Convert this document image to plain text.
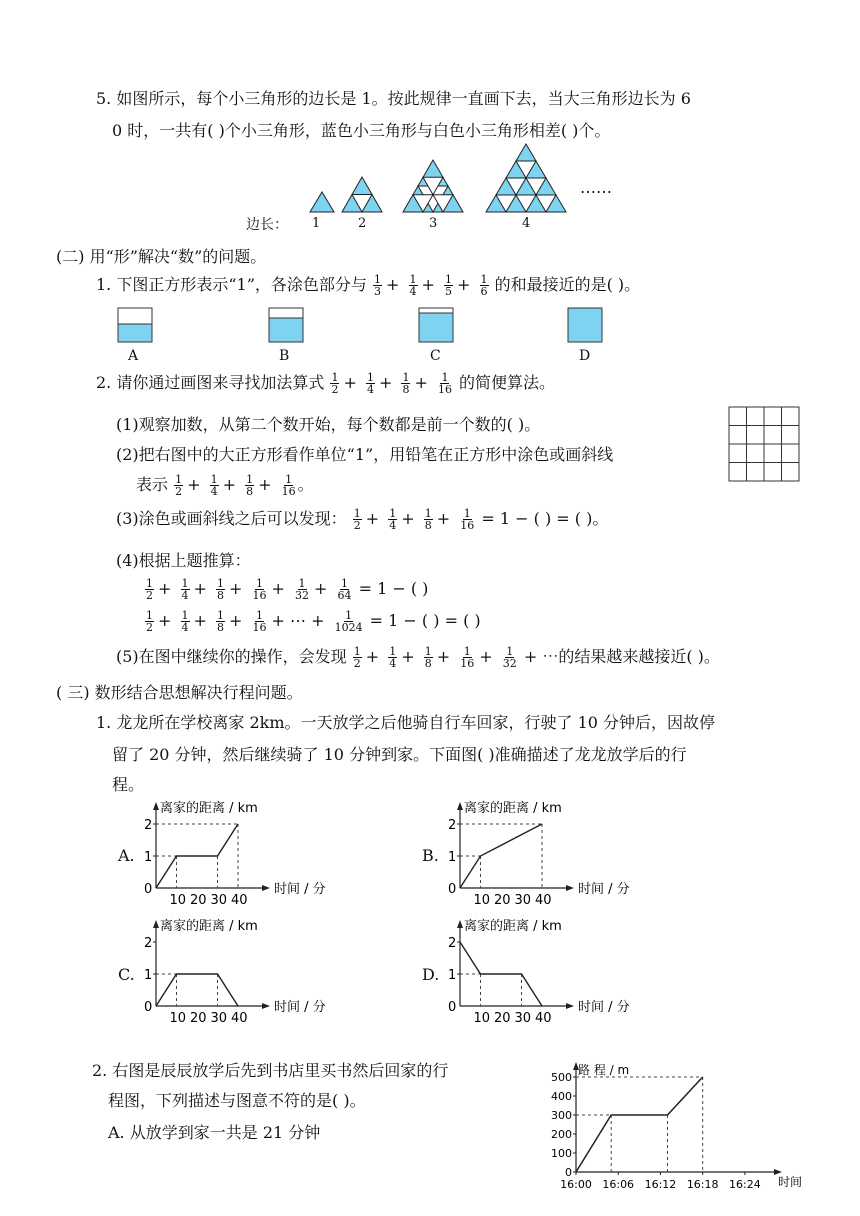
5. 如图所示，每个小三角形的边长是 1。按此规律一直画下去，当大三角形边长为 6
0 时，一共有( )个小三角形，蓝色小三角形与白色小三角形相差( )个。
……
边长： 1	2	3	4
(二) 用“形”解决“数”的问题。
1. 下图正方形表示“1”，各涂色部分与 $\frac{1}{3} + \frac{1}{4} + \frac{1}{5} + \frac{1}{6}$ 的和最接近的是( )。
A	B	C	D
2. 请你通过画图来寻找加法算式 $\frac{1}{2} + \frac{1}{4} + \frac{1}{8} + \frac{1}{16}$ 的简便算法。
(1)观察加数，从第二个数开始，每个数都是前一个数的( )。
(2)把右图中的大正方形看作单位“1”，用铅笔在正方形中涂色或画斜线
表示 $\frac{1}{2} + \frac{1}{4} + \frac{1}{8} + \frac{1}{16}$ 。
(3)涂色或画斜线之后可以发现： $\frac{1}{2} + \frac{1}{4} + \frac{1}{8} + \frac{1}{16} = 1$ − ( ) = ( )。
(4)根据上题推算：
$\frac{1}{2} + \frac{1}{4} + \frac{1}{8} + \frac{1}{16} + \frac{1}{32} + \frac{1}{64} = 1$ − ( )
$\frac{1}{2} + \frac{1}{4} + \frac{1}{8} + \frac{1}{16}$ + ⋯ + $\frac{1}{1024} = 1$ − ( ) = ( )
(5)在图中继续你的操作，会发现 $\frac{1}{2} + \frac{1}{4} + \frac{1}{8} + \frac{1}{16} + \frac{1}{32}$ + ⋯的结果越来越接近( )。
( 三) 数形结合思想解决行程问题。
1. 龙龙所在学校离家 2km。一天放学之后他骑自行车回家，行驶了 10 分钟后，因故停
留了 20 分钟，然后继续骑了 10 分钟到家。下面图( )准确描述了龙龙放学后的行
程。
A.	B.
C.	D.
离家的距离 / km
时间 / 分
0
1
2
10 20 30 40
离家的距离 / km
时间 / 分
0
1
2
10 20 30 40
离家的距离 / km
时间 / 分
0
1
2
10 20 30 40
离家的距离 / km
时间 / 分
0
1
2
10 20 30 40
2. 右图是辰辰放学后先到书店里买书然后回家的行
程图，下列描述与图意不符的是( )。
A. 从放学到家一共是 21 分钟
路 程 / m
时间
0
100
200
300
400
500
16:00 16:06 16:12 16:18 16:24
